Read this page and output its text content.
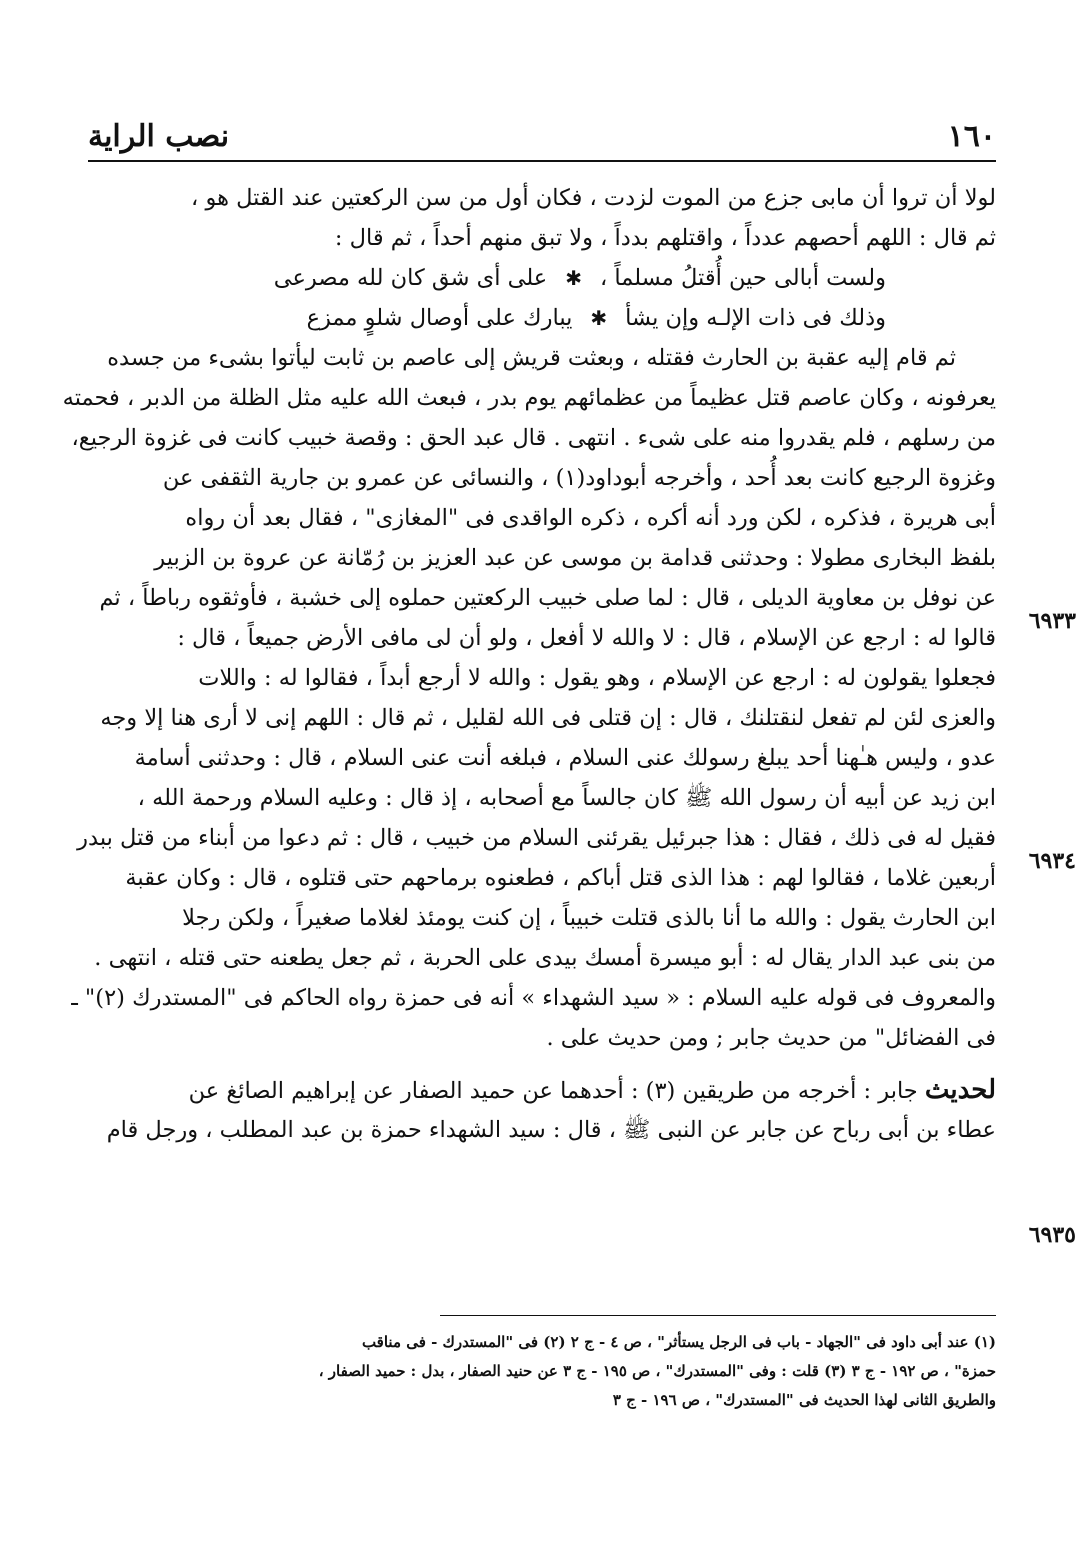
١٦٠
نصب الراية
لولا أن تروا أن مابى جزع من الموت لزدت ، فكان أول من سن الركعتين عند القتل هو ،
ثم قال : اللهم أحصهم عدداً ، واقتلهم بدداً ، ولا تبق منهم أحداً ، ثم قال :
ولست أبالى حين أُقتلُ مسلماً ،
✱
على أى شق كان لله مصرعى
وذلك فى ذات الإلـه وإن يشأ
✱
يبارك على أوصال شلوٍ ممزع
ثم قام إليه عقبة بن الحارث فقتله ، وبعثت قريش إلى عاصم بن ثابت ليأتوا بشىء من جسده
يعرفونه ، وكان عاصم قتل عظيماً من عظمائهم يوم بدر ، فبعث الله عليه مثل الظلة من الدبر ، فحمته
من رسلهم ، فلم يقدروا منه على شىء . انتهى . قال عبد الحق : وقصة خبيب كانت فى غزوة الرجيع،
وغزوة الرجيع كانت بعد أُحد ، وأخرجه أبوداود(١) ، والنسائى عن عمرو بن جارية الثقفى عن
أبى هريرة ، فذكره ، لكن ورد أنه أكره ، ذكره الواقدى فى "المغازى" ، فقال بعد أن رواه
بلفظ البخارى مطولا : وحدثنى قدامة بن موسى عن عبد العزيز بن رُمّانة عن عروة بن الزبير
عن نوفل بن معاوية الديلى ، قال : لما صلى خبيب الركعتين حملوه إلى خشبة ، فأوثقوه رباطاً ، ثم
قالوا له : ارجع عن الإسلام ، قال : لا والله لا أفعل ، ولو أن لى مافى الأرض جميعاً ، قال :
فجعلوا يقولون له : ارجع عن الإسلام ، وهو يقول : والله لا أرجع أبداً ، فقالوا له : واللات
والعزى لئن لم تفعل لنقتلنك ، قال : إن قتلى فى الله لقليل ، ثم قال : اللهم إنى لا أرى هنا إلا وجه
عدو ، وليس هـٰهنا أحد يبلغ رسولك عنى السلام ، فبلغه أنت عنى السلام ، قال : وحدثنى أسامة
ابن زيد عن أبيه أن رسول الله ﷺ كان جالساً مع أصحابه ، إذ قال : وعليه السلام ورحمة الله ،
فقيل له فى ذلك ، فقال : هذا جبرئيل يقرئنى السلام من خبيب ، قال : ثم دعوا من أبناء من قتل ببدر
أربعين غلاما ، فقالوا لهم : هذا الذى قتل أباكم ، فطعنوه برماحهم حتى قتلوه ، قال : وكان عقبة
ابن الحارث يقول : والله ما أنا بالذى قتلت خبيباً ، إن كنت يومئذ لغلاما صغيراً ، ولكن رجلا
من بنى عبد الدار يقال له : أبو ميسرة أمسك بيدى على الحربة ، ثم جعل يطعنه حتى قتله ، انتهى .
والمعروف فى قوله عليه السلام : « سيد الشهداء » أنه فى حمزة رواه الحاكم فى "المستدرك (٢)" ـ
فى الفضائل" من حديث جابر ; ومن حديث على .
لحديث جابر : أخرجه من طريقين (٣) : أحدهما عن حميد الصفار عن إبراهيم الصائغ عن
عطاء بن أبى رباح عن جابر عن النبى ﷺ ، قال : سيد الشهداء حمزة بن عبد المطلب ، ورجل قام
٦٩٣٣
٦٩٣٤
٦٩٣٥
(١) عند أبى داود فى "الجهاد - باب فى الرجل يستأثر" ، ص ٤ - ج ٢ (٢) فى "المستدرك - فى مناقب
حمزة" ، ص ١٩٢ - ج ٣ (٣) قلت : وفى "المستدرك" ، ص ١٩٥ - ج ٣ عن حنيد الصفار ، بدل : حميد الصفار ،
والطريق الثانى لهذا الحديث فى "المستدرك" ، ص ١٩٦ - ج ٣
